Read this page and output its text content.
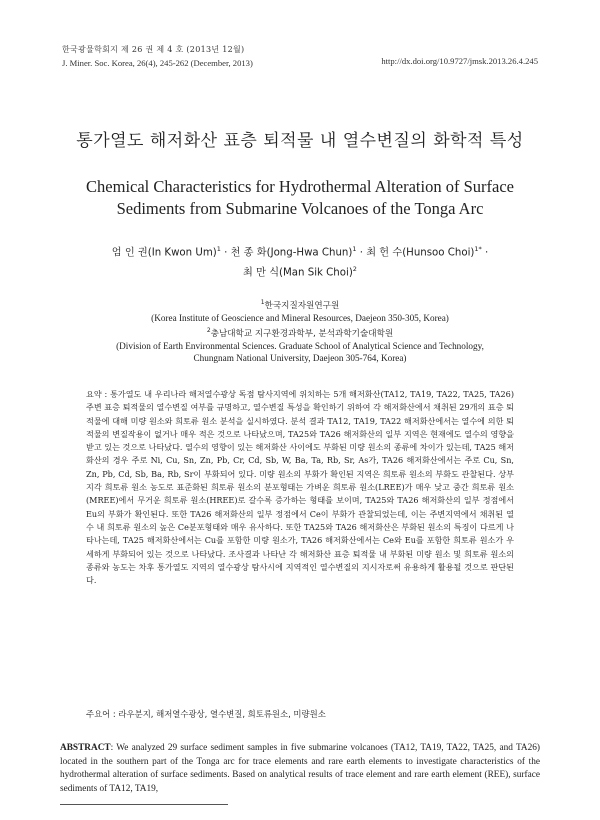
한국광물학회지 제 26 권 제 4 호 (2013년 12월)
J. Miner. Soc. Korea, 26(4), 245-262 (December, 2013)	http://dx.doi.org/10.9727/jmsk.2013.26.4.245
통가열도 해저화산 표층 퇴적물 내 열수변질의 화학적 특성
Chemical Characteristics for Hydrothermal Alteration of Surface
Sediments from Submarine Volcanoes of the Tonga Arc
엄 인 권(In Kwon Um)$^1$ · 천 종 화(Jong-Hwa Chun)$^1$ · 최 헌 수(Hunsoo Choi)$^{1*}$ ·
최 만 식(Man Sik Choi)$^2$
$^1$한국지질자원연구원
(Korea Institute of Geoscience and Mineral Resources, Daejeon 350-305, Korea)
$^2$충남대학교 지구환경과학부, 분석과학기술대학원
(Division of Earth Environmental Sciences. Graduate School of Analytical Science and Technology,
Chungnam National University, Daejeon 305-764, Korea)
요약 : 통가열도 내 우리나라 해저열수광상 독점 탐사지역에 위치하는 5개 해저화산(TA12, TA19, TA22, TA25, TA26) 주변 표층 퇴적물의 열수변질 여부를 규명하고, 열수변질 특성을 확인하기 위하여 각 해저화산에서 채취된 29개의 표층 퇴적물에 대해 미량 원소와 희토류 원소 분석을 실시하였다. 분석 결과 TA12, TA19, TA22 해저화산에서는 열수에 의한 퇴적물의 변질작용이 없거나 매우 적은 것으로 나타났으며, TA25와 TA26 해저화산의 일부 지역은 현재에도 열수의 영향을 받고 있는 것으로 나타났다. 열수의 영향이 있는 해저화산 사이에도 부화된 미량 원소의 종류에 차이가 있는데, TA25 해저화산의 경우 주로 Ni, Cu, Sn, Zn, Pb, Cr, Cd, Sb, W, Ba, Ta, Rb, Sr, As가, TA26 해저화산에서는 주로 Cu, Sn, Zn, Pb, Cd, Sb, Ba, Rb, Sr이 부화되어 있다. 미량 원소의 부화가 확인된 지역은 희토류 원소의 부화도 관찰된다. 상부지각 희토류 원소 농도로 표준화된 희토류 원소의 분포형태는 가벼운 희토류 원소(LREE)가 매우 낮고 중간 희토류 원소(MREE)에서 무거운 희토류 원소(HREE)로 갈수록 증가하는 형태를 보이며, TA25와 TA26 해저화산의 일부 정점에서 Eu의 부화가 확인된다. 또한 TA26 해저화산의 일부 정점에서 Ce이 부화가 관찰되었는데, 이는 주변지역에서 채취된 열수 내 희토류 원소의 높은 Ce분포형태와 매우 유사하다. 또한 TA25와 TA26 해저화산은 부화된 원소의 특징이 다르게 나타나는데, TA25 해저화산에서는 Cu를 포함한 미량 원소가, TA26 해저화산에서는 Ce와 Eu를 포함한 희토류 원소가 우세하게 부화되어 있는 것으로 나타났다. 조사결과 나타난 각 해저화산 표층 퇴적물 내 부화된 미량 원소 및 희토류 원소의 종류와 농도는 차후 통가열도 지역의 열수광상 탐사시에 지역적인 열수변질의 지시자로써 유용하게 활용될 것으로 판단된다.
주요어 : 라우분지, 해저열수광상, 열수변질, 희토류원소, 미량원소
ABSTRACT: We analyzed 29 surface sediment samples in five submarine volcanoes (TA12, TA19, TA22, TA25, and TA26) located in the southern part of the Tonga arc for trace elements and rare earth elements to investigate characteristics of the hydrothermal alteration of surface sediments. Based on analytical results of trace element and rare earth element (REE), surface sediments of TA12, TA19,
